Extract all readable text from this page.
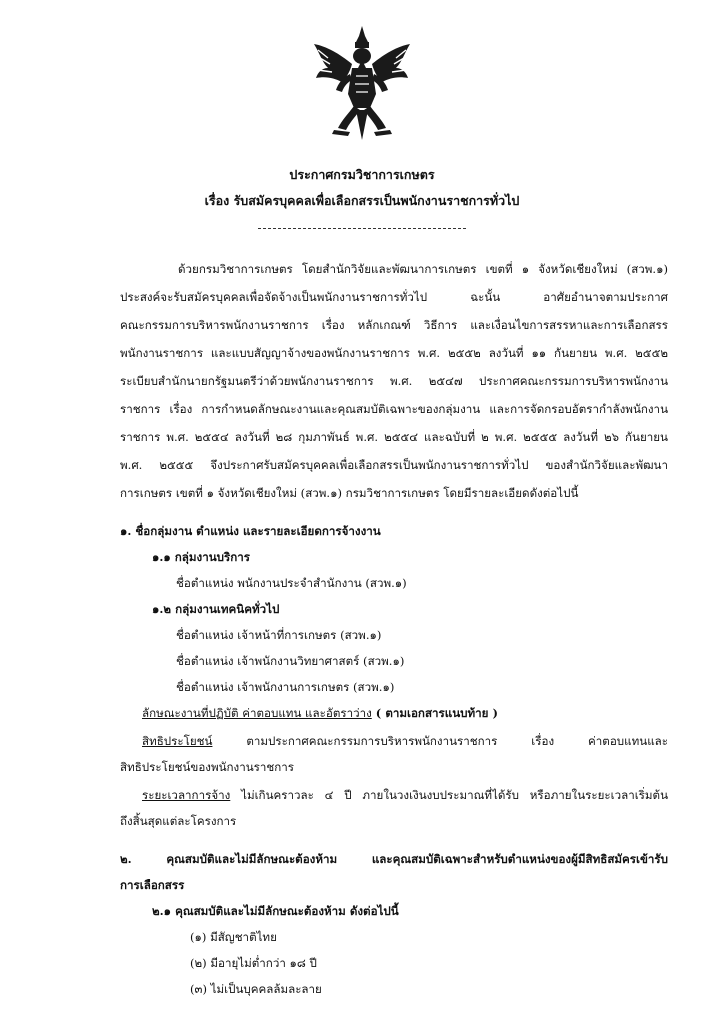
ประกาศกรมวิชาการเกษตร
เรื่อง รับสมัครบุคคลเพื่อเลือกสรรเป็นพนักงานราชการทั่วไป
ด้วยกรมวิชาการเกษตร โดยสำนักวิจัยและพัฒนาการเกษตร เขตที่ ๑ จังหวัดเชียงใหม่ (สวพ.๑)
ประสงค์จะรับสมัครบุคคลเพื่อจัดจ้างเป็นพนักงานราชการทั่วไป ฉะนั้น อาศัยอำนาจตามประกาศ
คณะกรรมการบริหารพนักงานราชการ เรื่อง หลักเกณฑ์ วิธีการ และเงื่อนไขการสรรหาและการเลือกสรร
พนักงานราชการ และแบบสัญญาจ้างของพนักงานราชการ พ.ศ. ๒๕๕๒ ลงวันที่ ๑๑ กันยายน พ.ศ. ๒๕๕๒
ระเบียบสำนักนายกรัฐมนตรีว่าด้วยพนักงานราชการ พ.ศ. ๒๕๔๗ ประกาศคณะกรรมการบริหารพนักงาน
ราชการ เรื่อง การกำหนดลักษณะงานและคุณสมบัติเฉพาะของกลุ่มงาน และการจัดกรอบอัตรากำลังพนักงาน
ราชการ พ.ศ. ๒๕๕๔ ลงวันที่ ๒๘ กุมภาพันธ์ พ.ศ. ๒๕๕๔ และฉบับที่ ๒ พ.ศ. ๒๕๕๕ ลงวันที่ ๒๖ กันยายน
พ.ศ. ๒๕๕๕ จึงประกาศรับสมัครบุคคลเพื่อเลือกสรรเป็นพนักงานราชการทั่วไป ของสำนักวิจัยและพัฒนา
การเกษตร เขตที่ ๑ จังหวัดเชียงใหม่ (สวพ.๑) กรมวิชาการเกษตร โดยมีรายละเอียดดังต่อไปนี้
๑. ชื่อกลุ่มงาน ตำแหน่ง และรายละเอียดการจ้างงาน
๑.๑ กลุ่มงานบริการ
ชื่อตำแหน่ง พนักงานประจำสำนักงาน (สวพ.๑)
๑.๒ กลุ่มงานเทคนิคทั่วไป
ชื่อตำแหน่ง เจ้าหน้าที่การเกษตร (สวพ.๑)
ชื่อตำแหน่ง เจ้าพนักงานวิทยาศาสตร์ (สวพ.๑)
ชื่อตำแหน่ง เจ้าพนักงานการเกษตร (สวพ.๑)
ลักษณะงานที่ปฏิบัติ ค่าตอบแทน และอัตราว่าง ( ตามเอกสารแนบท้าย )
สิทธิประโยชน์ ตามประกาศคณะกรรมการบริหารพนักงานราชการ เรื่อง ค่าตอบแทนและ
สิทธิประโยชน์ของพนักงานราชการ
ระยะเวลาการจ้าง ไม่เกินคราวละ ๔ ปี ภายในวงเงินงบประมาณที่ได้รับ หรือภายในระยะเวลาเริ่มต้น
ถึงสิ้นสุดแต่ละโครงการ
๒. คุณสมบัติและไม่มีลักษณะต้องห้าม และคุณสมบัติเฉพาะสำหรับตำแหน่งของผู้มีสิทธิสมัครเข้ารับ
การเลือกสรร
๒.๑ คุณสมบัติและไม่มีลักษณะต้องห้าม ดังต่อไปนี้
(๑) มีสัญชาติไทย
(๒) มีอายุไม่ต่ำกว่า ๑๘ ปี
(๓) ไม่เป็นบุคคลล้มละลาย
